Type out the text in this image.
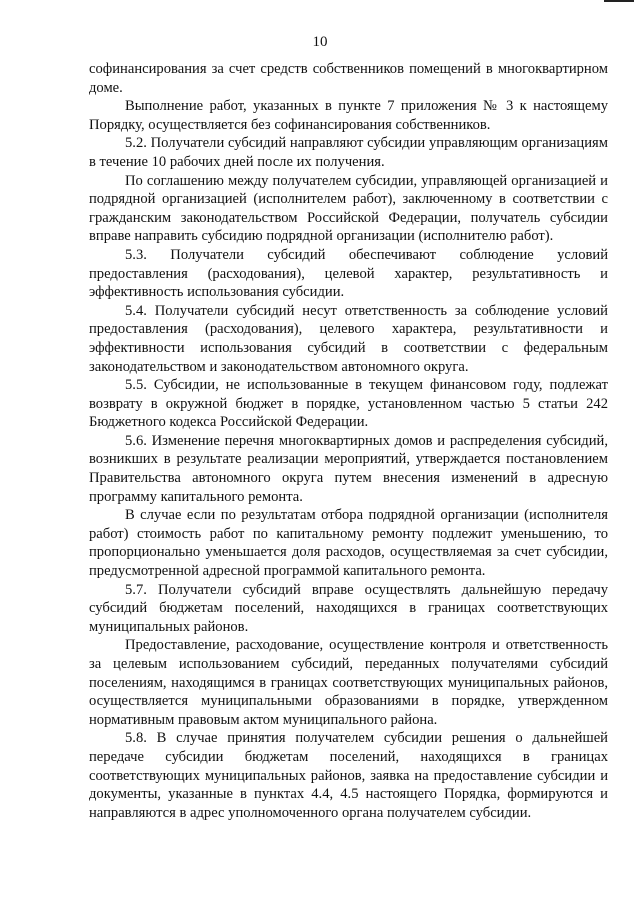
10

софинансирования за счет средств собственников помещений в многоквартирном доме.

Выполнение работ, указанных в пункте 7 приложения № 3 к настоящему Порядку, осуществляется без софинансирования собственников.

5.2. Получатели субсидий направляют субсидии управляющим организациям в течение 10 рабочих дней после их получения.

По соглашению между получателем субсидии, управляющей организацией и подрядной организацией (исполнителем работ), заключенному в соответствии с гражданским законодательством Российской Федерации, получатель субсидии вправе направить субсидию подрядной организации (исполнителю работ).

5.3. Получатели субсидий обеспечивают соблюдение условий предоставления (расходования), целевой характер, результативность и эффективность использования субсидии.

5.4. Получатели субсидий несут ответственность за соблюдение условий предоставления (расходования), целевого характера, результативности и эффективности использования субсидий в соответствии с федеральным законодательством и законодательством автономного округа.

5.5. Субсидии, не использованные в текущем финансовом году, подлежат возврату в окружной бюджет в порядке, установленном частью 5 статьи 242 Бюджетного кодекса Российской Федерации.

5.6. Изменение перечня многоквартирных домов и распределения субсидий, возникших в результате реализации мероприятий, утверждается постановлением Правительства автономного округа путем внесения изменений в адресную программу капитального ремонта.

В случае если по результатам отбора подрядной организации (исполнителя работ) стоимость работ по капитальному ремонту подлежит уменьшению, то пропорционально уменьшается доля расходов, осуществляемая за счет субсидии, предусмотренной адресной программой капитального ремонта.

5.7. Получатели субсидий вправе осуществлять дальнейшую передачу субсидий бюджетам поселений, находящихся в границах соответствующих муниципальных районов.

Предоставление, расходование, осуществление контроля и ответственность за целевым использованием субсидий, переданных получателями субсидий поселениям, находящимся в границах соответствующих муниципальных районов, осуществляется муниципальными образованиями в порядке, утвержденном нормативным правовым актом муниципального района.

5.8. В случае принятия получателем субсидии решения о дальнейшей передаче субсидии бюджетам поселений, находящихся в границах соответствующих муниципальных районов, заявка на предоставление субсидии и документы, указанные в пунктах 4.4, 4.5 настоящего Порядка, формируются и направляются в адрес уполномоченного органа получателем субсидии.
